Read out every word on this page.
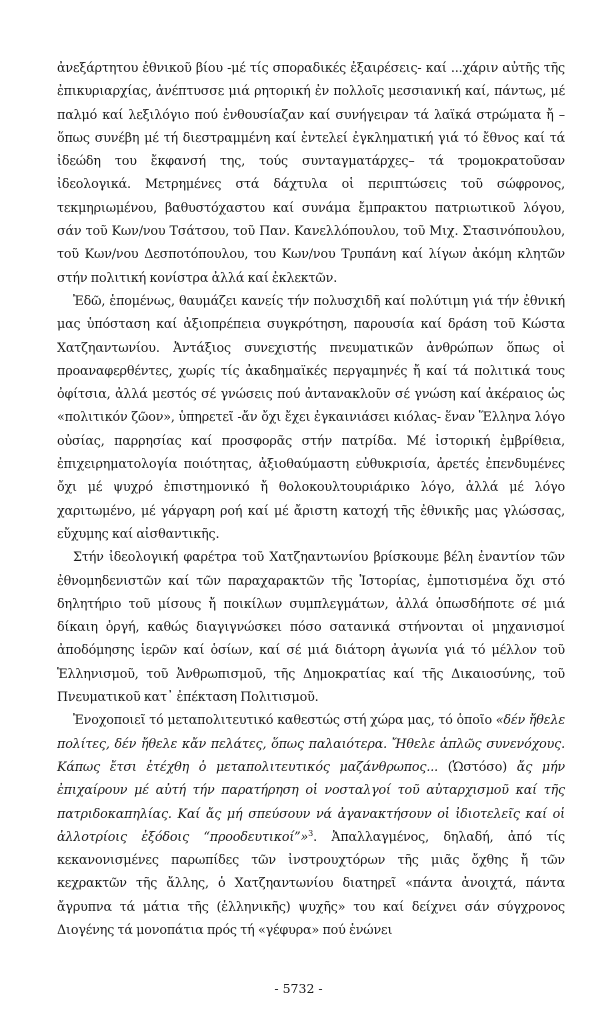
ἀνεξάρτητου ἐθνικοῦ βίου -μέ τίς σποραδικές ἐξαιρέσεις- καί ...χάριν αὐτῆς τῆς ἐπικυριαρχίας, ἀνέπτυσσε μιά ρητορική ἐν πολλοῖς μεσσιανική καί, πάντως, μέ παλμό καί λεξιλόγιο πού ἐνθουσίαζαν καί συνήγειραν τά λαϊκά στρώματα ἤ –ὅπως συνέβη μέ τή διεστραμμένη καί ἐντελεί ἐγκληματική γιά τό ἔθνος καί τά ἰδεώδη του ἔκφανσή της, τούς συνταγματάρχες– τά τρομοκρατοῦσαν ἰδεολογικά. Μετρημένες στά δάχτυλα οἱ περιπτώσεις τοῦ σώφρονος, τεκμηριωμένου, βαθυστόχαστου καί συνάμα ἔμπρακτου πατριωτικοῦ λόγου, σάν τοῦ Κων/νου Τσάτσου, τοῦ Παν. Κανελλόπουλου, τοῦ Μιχ. Στασινόπουλου, τοῦ Κων/νου Δεσποτόπουλου, του Κων/νου Τρυπάνη καί λίγων ἀκόμη κλητῶν στήν πολιτική κονίστρα ἀλλά καί ἐκλεκτῶν.

Ἐδῶ, ἑπομένως, θαυμάζει κανείς τήν πολυσχιδῆ καί πολύτιμη γιά τήν ἐθνική μας ὑπόσταση καί ἀξιοπρέπεια συγκρότηση, παρουσία καί δράση τοῦ Κώστα Χατζηαντωνίου. Ἀντάξιος συνεχιστής πνευματικῶν ἀνθρώπων ὅπως οἱ προαναφερθέντες, χωρίς τίς ἀκαδημαϊκές περγαμηνές ἤ καί τά πολιτικά τους ὀφίτσια, ἀλλά μεστός σέ γνώσεις πού ἀντανακλοῦν σέ γνώση καί ἀκέραιος ὡς «πολιτικόν ζῶον», ὑπηρετεῖ -ἄν ὄχι ἔχει ἐγκαινιάσει κιόλας- ἕναν Ἕλληνα λόγο οὐσίας, παρρησίας καί προσφορᾶς στήν πατρίδα. Μέ ἱστορική ἐμβρίθεια, ἐπιχειρηματολογία ποιότητας, ἀξιοθαύμαστη εὐθυκρισία, ἀρετές ἐπενδυμένες ὄχι μέ ψυχρό ἐπιστημονικό ἤ θολοκουλτουριάρικο λόγο, ἀλλά μέ λόγο χαριτωμένο, μέ γάργαρη ροή καί μέ ἄριστη κατοχή τῆς ἐθνικῆς μας γλώσσας, εὔχυμης καί αἰσθαντικῆς.

Στήν ἰδεολογική φαρέτρα τοῦ Χατζηαντωνίου βρίσκουμε βέλη ἐναντίον τῶν ἐθνομηδενιστῶν καί τῶν παραχαρακτῶν τῆς Ἱστορίας, ἐμποτισμένα ὄχι στό δηλητήριο τοῦ μίσους ἤ ποικίλων συμπλεγμάτων, ἀλλά ὁπωσδήποτε σέ μιά δίκαιη ὀργή, καθώς διαγιγνώσκει πόσο σατανικά στήνονται οἱ μηχανισμοί ἀποδόμησης ἱερῶν καί ὁσίων, καί σέ μιά διάτορη ἀγωνία γιά τό μέλλον τοῦ Ἑλληνισμοῦ, τοῦ Ἀνθρωπισμοῦ, τῆς Δημοκρατίας καί τῆς Δικαιοσύνης, τοῦ Πνευματικοῦ κατ᾽ ἐπέκταση Πολιτισμοῦ.

Ἐνοχοποιεῖ τό μεταπολιτευτικό καθεστώς στή χώρα μας, τό ὁποῖο «δέν ἤθελε πολίτες, δέν ἤθελε κἄν πελάτες, ὅπως παλαιότερα. Ἤθελε ἁπλῶς συνενόχους. Κάπως ἔτσι ἐτέχθη ὁ μεταπολιτευτικός μαζάνθρωπος... (Ὡστόσο) ἄς μήν ἐπιχαίρουν μέ αὐτή τήν παρατήρηση οἱ νοσταλγοί τοῦ αὐταρχισμοῦ καί τῆς πατριδοκαπηλίας. Καί ἄς μή σπεύσουν νά ἀγανακτήσουν οἱ ἰδιοτελεῖς καί οἱ ἀλλοτρίοις ἐξόδοις “προοδευτικοί”»$^3$. Ἀπαλλαγμένος, δηλαδή, ἀπό τίς κεκανονισμένες παρωπίδες τῶν ἰνστρουχτόρων τῆς μιᾶς ὄχθης ἤ τῶν κεχρακτῶν τῆς ἄλλης, ὁ Χατζηαντωνίου διατηρεῖ «πάντα ἀνοιχτά, πάντα ἄγρυπνα τά μάτια τῆς (ἑλληνικῆς) ψυχῆς» του καί δείχνει σάν σύγχρονος Διογένης τά μονοπάτια πρός τή «γέφυρα» πού ἑνώνει

- 5732 -
